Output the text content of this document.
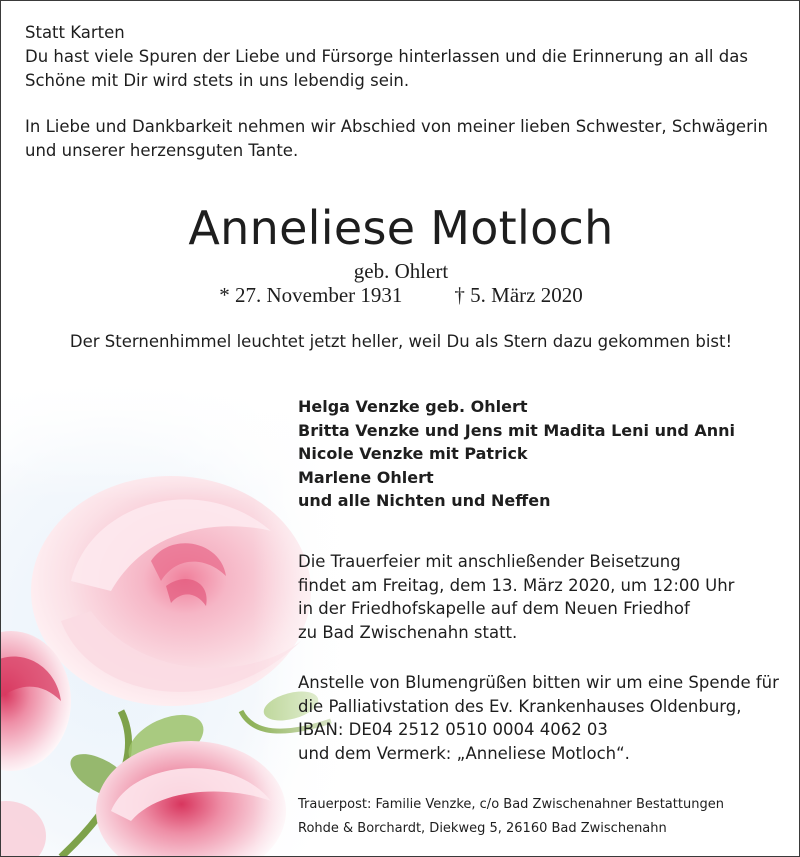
Statt Karten

Du hast viele Spuren der Liebe und Fürsorge hinterlassen und die Erinnerung an all das

Schöne mit Dir wird stets in uns lebendig sein.

In Liebe und Dankbarkeit nehmen wir Abschied von meiner lieben Schwester, Schwägerin

und unserer herzensguten Tante.

Anneliese Motloch
geb. Ohlert
* 27. November 1931 † 5. März 2020
Der Sternenhimmel leuchtet jetzt heller, weil Du als Stern dazu gekommen bist!
Helga Venzke geb. Ohlert
Britta Venzke und Jens mit Madita Leni und Anni
Nicole Venzke mit Patrick
Marlene Ohlert
und alle Nichten und Neffen
Die Trauerfeier mit anschließender Beisetzung
findet am Freitag, dem 13. März 2020, um 12:00 Uhr
in der Friedhofskapelle auf dem Neuen Friedhof
zu Bad Zwischenahn statt.
Anstelle von Blumengrüßen bitten wir um eine Spende für
die Palliativstation des Ev. Krankenhauses Oldenburg,
IBAN: DE04 2512 0510 0004 4062 03
und dem Vermerk: „Anneliese Motloch“.
Trauerpost: Familie Venzke, c/o Bad Zwischenahner Bestattungen
Rohde & Borchardt, Diekweg 5, 26160 Bad Zwischenahn
